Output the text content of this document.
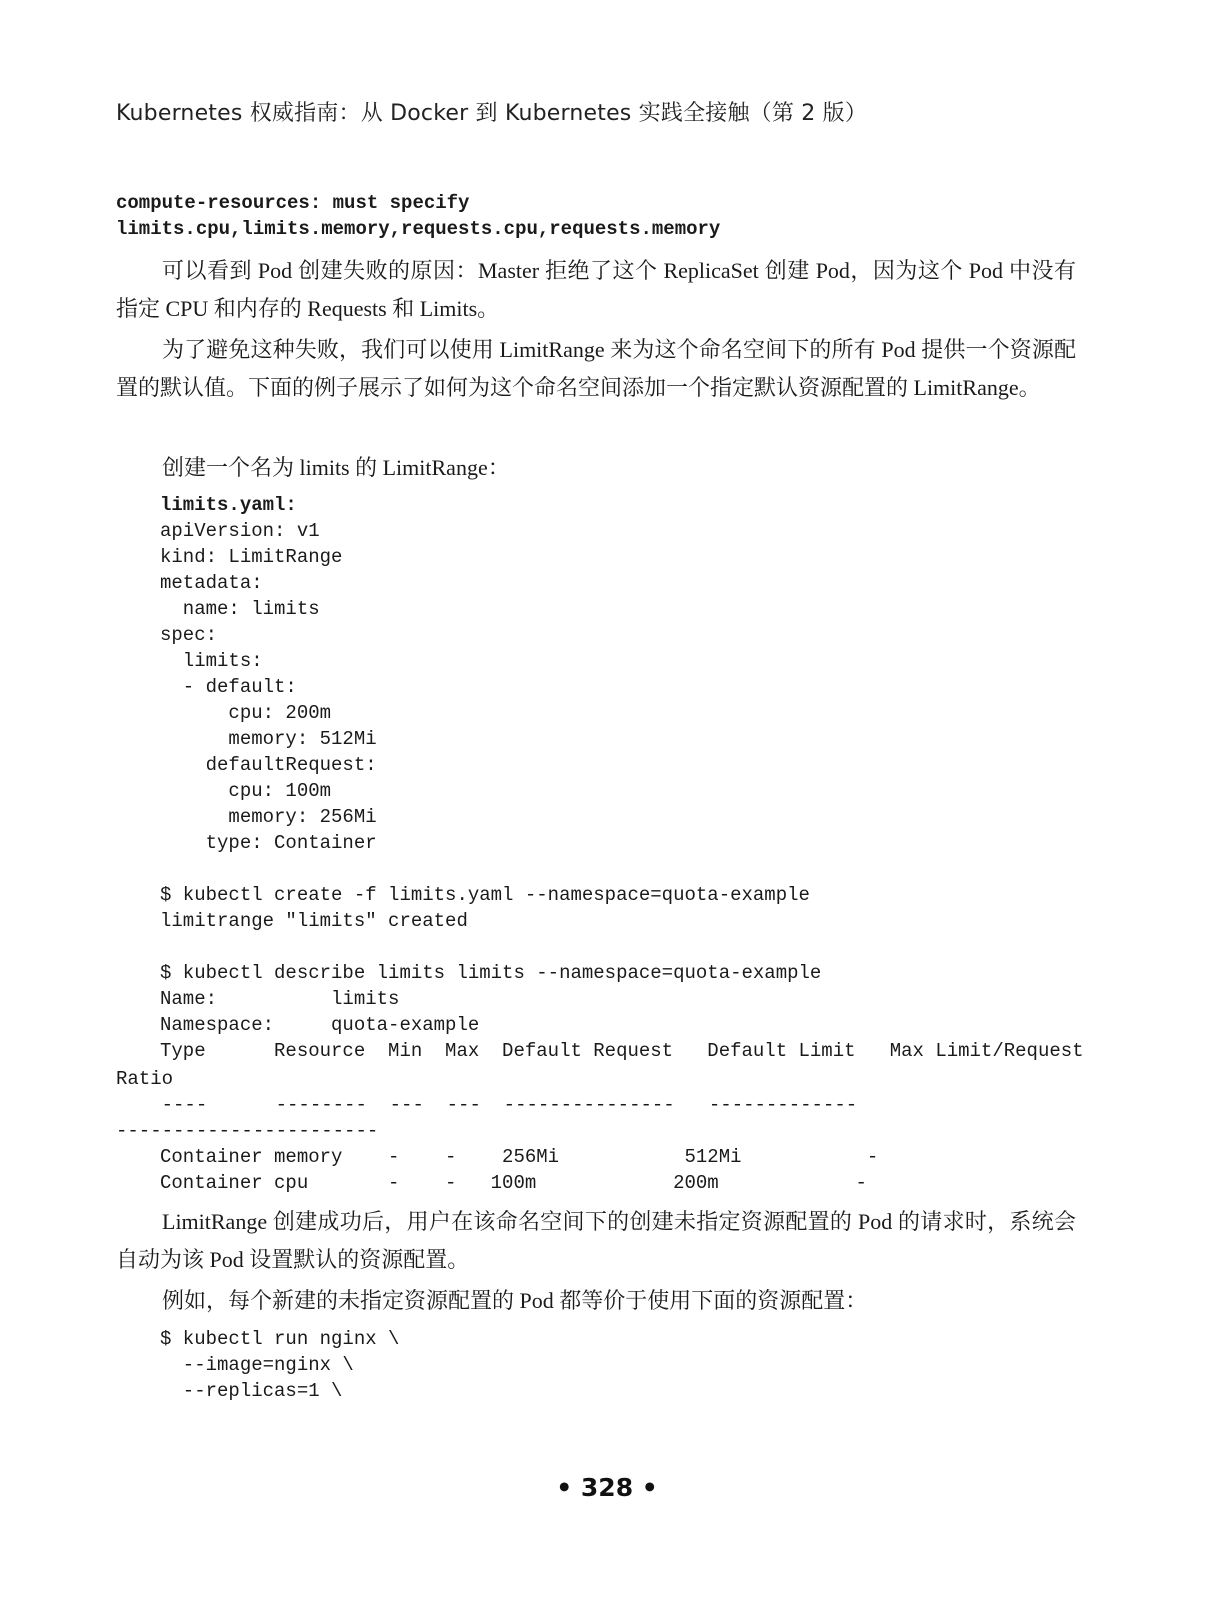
Kubernetes 权威指南：从 Docker 到 Kubernetes 实践全接触（第 2 版）
compute-resources: must specify
limits.cpu,limits.memory,requests.cpu,requests.memory

可以看到 Pod 创建失败的原因：Master 拒绝了这个 ReplicaSet 创建 Pod，因为这个 Pod 中没有指定 CPU 和内存的 Requests 和 Limits。

为了避免这种失败，我们可以使用 LimitRange 来为这个命名空间下的所有 Pod 提供一个资源配置的默认值。下面的例子展示了如何为这个命名空间添加一个指定默认资源配置的 LimitRange。

创建一个名为 limits 的 LimitRange：

limits.yaml:
apiVersion: v1
kind: LimitRange
metadata:
name: limits
spec:
limits:
- default:
cpu: 200m
memory: 512Mi
defaultRequest:
cpu: 100m
memory: 256Mi
type: Container

$ kubectl create -f limits.yaml --namespace=quota-example
limitrange "limits" created

$ kubectl describe limits limits --namespace=quota-example
Name:          limits
Namespace:     quota-example
Type      Resource  Min  Max  Default Request   Default Limit   Max Limit/Request
Ratio
----      --------  ---  ---  ---------------   -------------
-----------------------
Container memory    -    -    256Mi           512Mi           -
Container cpu       -    -   100m            200m            -

LimitRange 创建成功后，用户在该命名空间下的创建未指定资源配置的 Pod 的请求时，系统会自动为该 Pod 设置默认的资源配置。

例如，每个新建的未指定资源配置的 Pod 都等价于使用下面的资源配置：

$ kubectl run nginx \
--image=nginx \
--replicas=1 \
• 328 •
